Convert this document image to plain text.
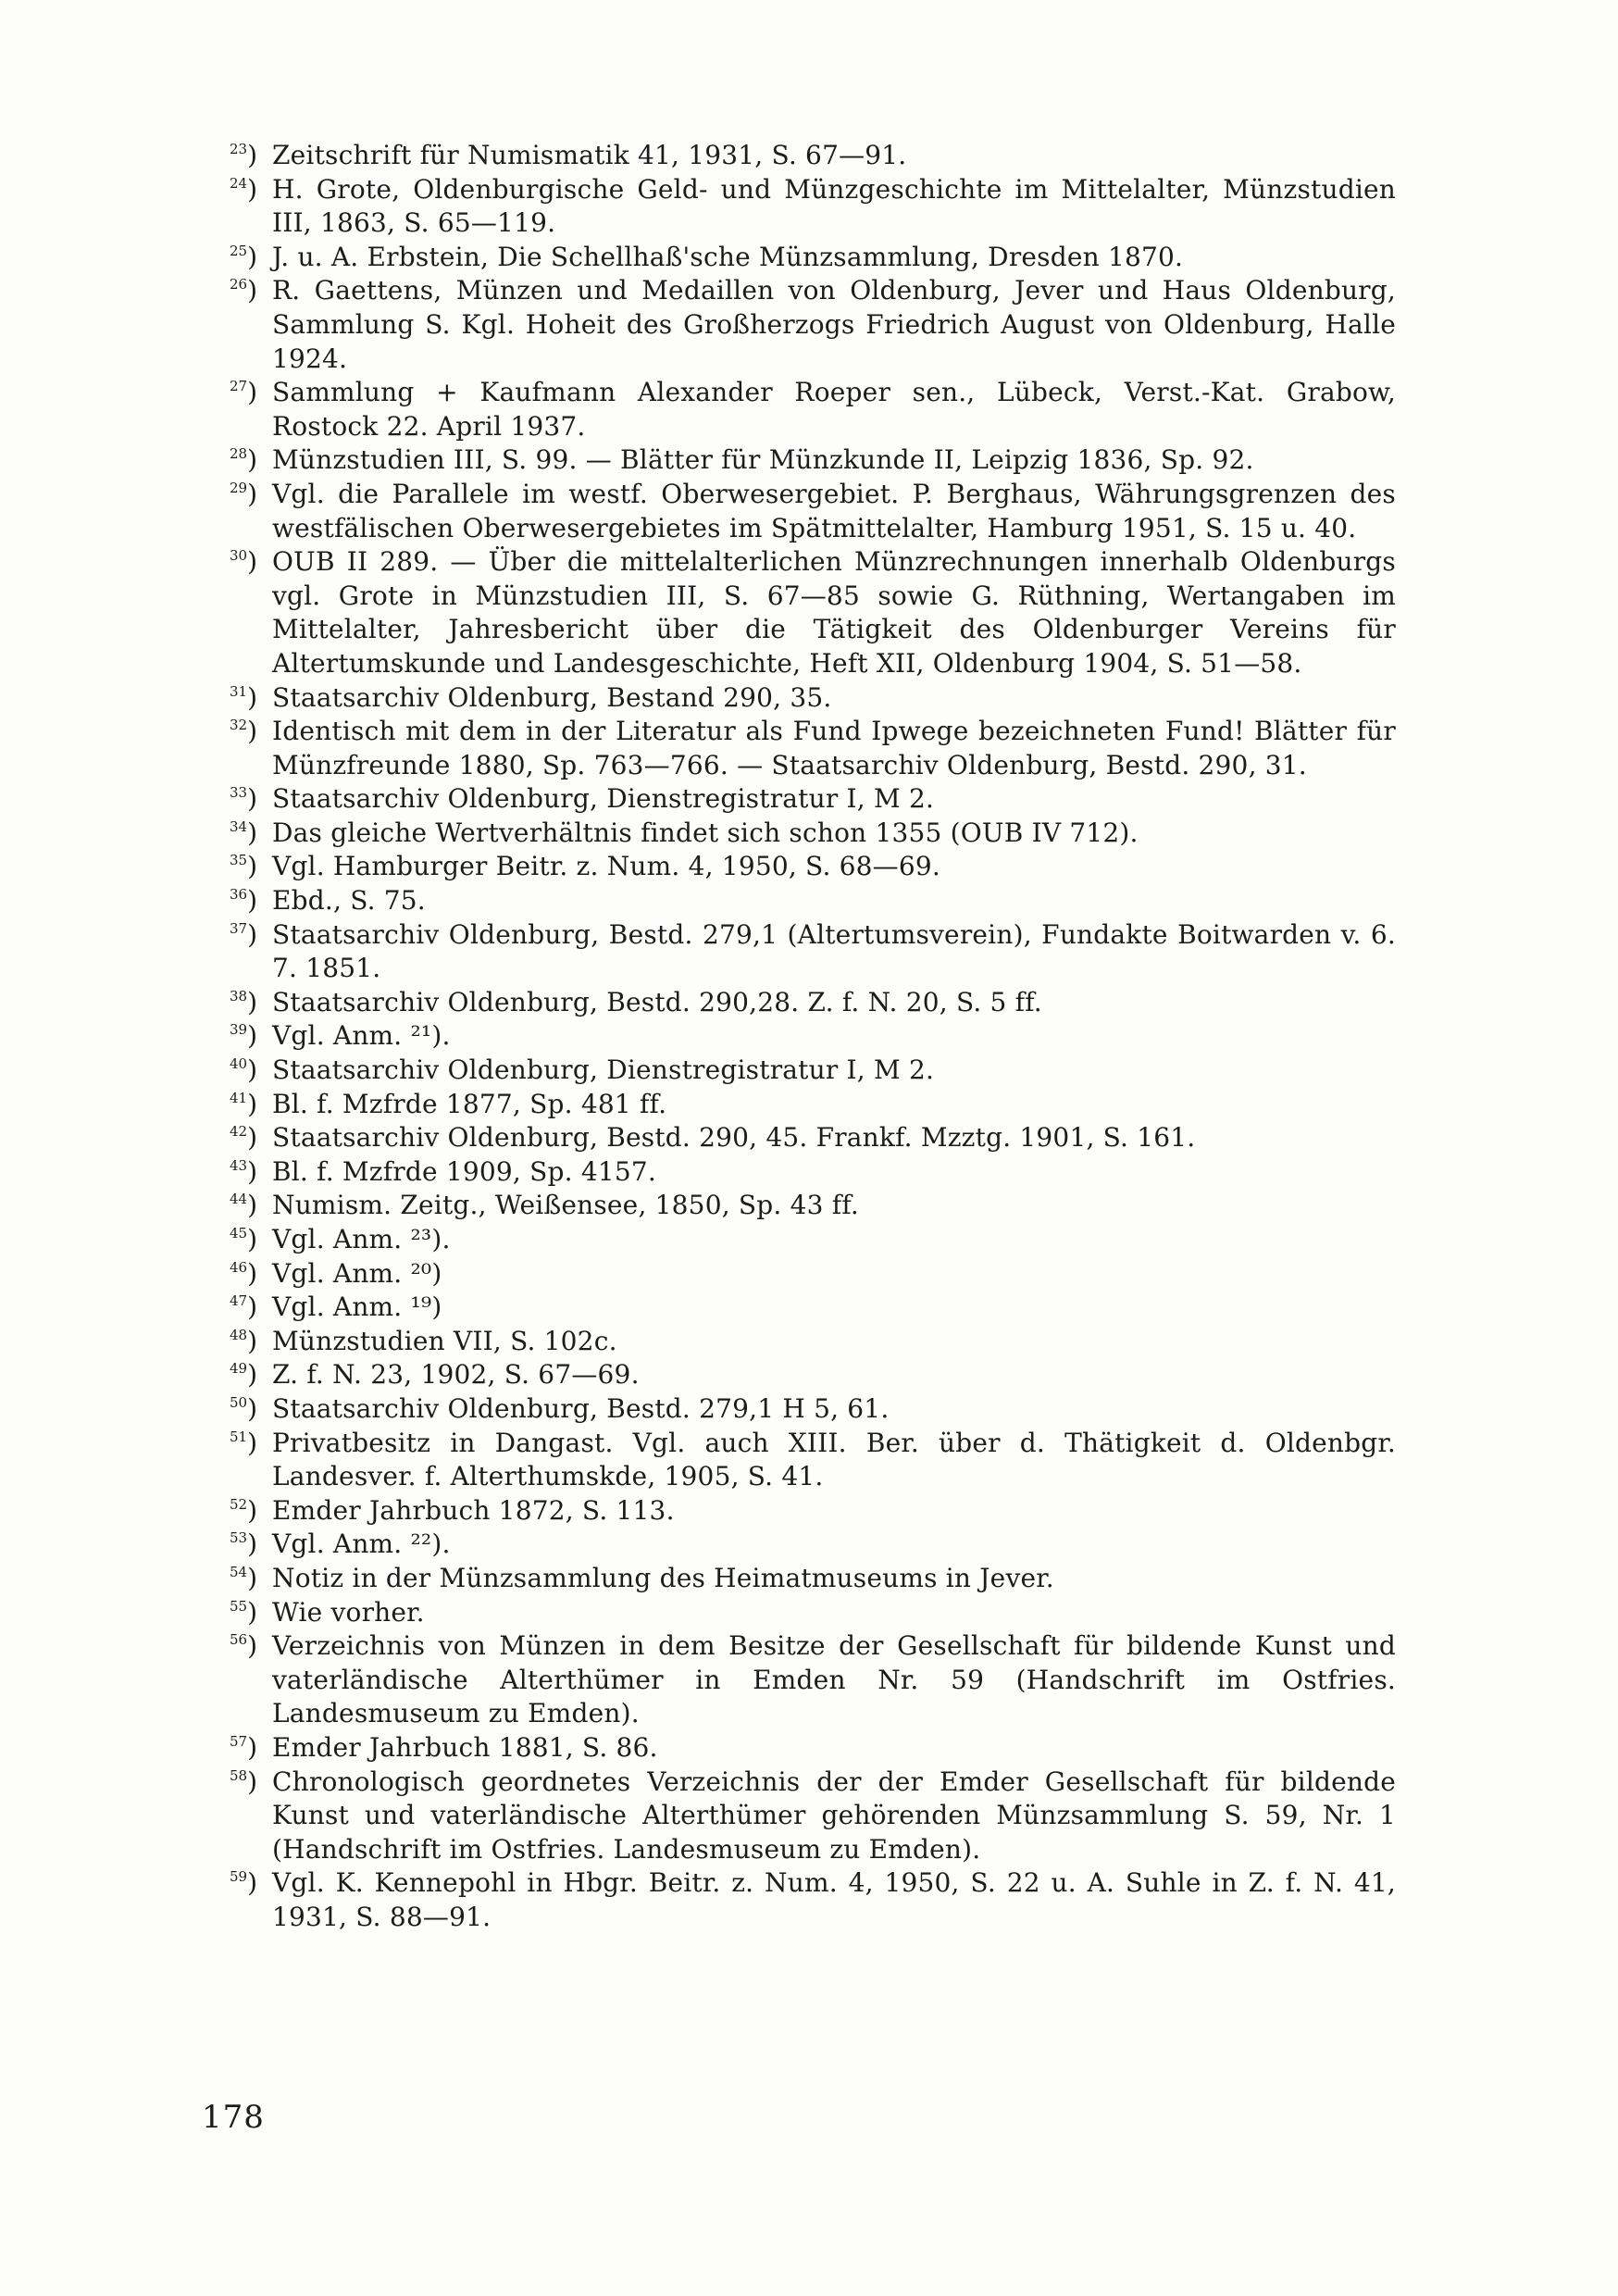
$^{23}$) Zeitschrift für Numismatik 41, 1931, S. 67—91.
$^{24}$) H. Grote, Oldenburgische Geld- und Münzgeschichte im Mittelalter, Münzstudien III, 1863, S. 65—119.
$^{25}$) J. u. A. Erbstein, Die Schellhaß'sche Münzsammlung, Dresden 1870.
$^{26}$) R. Gaettens, Münzen und Medaillen von Oldenburg, Jever und Haus Oldenburg, Sammlung S. Kgl. Hoheit des Großherzogs Friedrich August von Oldenburg, Halle 1924.
$^{27}$) Sammlung + Kaufmann Alexander Roeper sen., Lübeck, Verst.-Kat. Grabow, Rostock 22. April 1937.
$^{28}$) Münzstudien III, S. 99. — Blätter für Münzkunde II, Leipzig 1836, Sp. 92.
$^{29}$) Vgl. die Parallele im westf. Oberwesergebiet. P. Berghaus, Währungsgrenzen des westfälischen Oberwesergebietes im Spätmittelalter, Hamburg 1951, S. 15 u. 40.
$^{30}$) OUB II 289. — Über die mittelalterlichen Münzrechnungen innerhalb Oldenburgs vgl. Grote in Münzstudien III, S. 67—85 sowie G. Rüthning, Wertangaben im Mittelalter, Jahresbericht über die Tätigkeit des Oldenburger Vereins für Altertumskunde und Landesgeschichte, Heft XII, Oldenburg 1904, S. 51—58.
$^{31}$) Staatsarchiv Oldenburg, Bestand 290, 35.
$^{32}$) Identisch mit dem in der Literatur als Fund Ipwege bezeichneten Fund! Blätter für Münzfreunde 1880, Sp. 763—766. — Staatsarchiv Oldenburg, Bestd. 290, 31.
$^{33}$) Staatsarchiv Oldenburg, Dienstregistratur I, M 2.
$^{34}$) Das gleiche Wertverhältnis findet sich schon 1355 (OUB IV 712).
$^{35}$) Vgl. Hamburger Beitr. z. Num. 4, 1950, S. 68—69.
$^{36}$) Ebd., S. 75.
$^{37}$) Staatsarchiv Oldenburg, Bestd. 279,1 (Altertumsverein), Fundakte Boitwarden v. 6. 7. 1851.
$^{38}$) Staatsarchiv Oldenburg, Bestd. 290,28. Z. f. N. 20, S. 5 ff.
$^{39}$) Vgl. Anm. ²¹).
$^{40}$) Staatsarchiv Oldenburg, Dienstregistratur I, M 2.
$^{41}$) Bl. f. Mzfrde 1877, Sp. 481 ff.
$^{42}$) Staatsarchiv Oldenburg, Bestd. 290, 45. Frankf. Mzztg. 1901, S. 161.
$^{43}$) Bl. f. Mzfrde 1909, Sp. 4157.
$^{44}$) Numism. Zeitg., Weißensee, 1850, Sp. 43 ff.
$^{45}$) Vgl. Anm. ²³).
$^{46}$) Vgl. Anm. ²⁰)
$^{47}$) Vgl. Anm. ¹⁹)
$^{48}$) Münzstudien VII, S. 102c.
$^{49}$) Z. f. N. 23, 1902, S. 67—69.
$^{50}$) Staatsarchiv Oldenburg, Bestd. 279,1 H 5, 61.
$^{51}$) Privatbesitz in Dangast. Vgl. auch XIII. Ber. über d. Thätigkeit d. Oldenbgr. Landesver. f. Alterthumskde, 1905, S. 41.
$^{52}$) Emder Jahrbuch 1872, S. 113.
$^{53}$) Vgl. Anm. ²²).
$^{54}$) Notiz in der Münzsammlung des Heimatmuseums in Jever.
$^{55}$) Wie vorher.
$^{56}$) Verzeichnis von Münzen in dem Besitze der Gesellschaft für bildende Kunst und vaterländische Alterthümer in Emden Nr. 59 (Handschrift im Ostfries. Landesmuseum zu Emden).
$^{57}$) Emder Jahrbuch 1881, S. 86.
$^{58}$) Chronologisch geordnetes Verzeichnis der der Emder Gesellschaft für bildende Kunst und vaterländische Alterthümer gehörenden Münzsammlung S. 59, Nr. 1 (Handschrift im Ostfries. Landesmuseum zu Emden).
$^{59}$) Vgl. K. Kennepohl in Hbgr. Beitr. z. Num. 4, 1950, S. 22 u. A. Suhle in Z. f. N. 41, 1931, S. 88—91.
178
